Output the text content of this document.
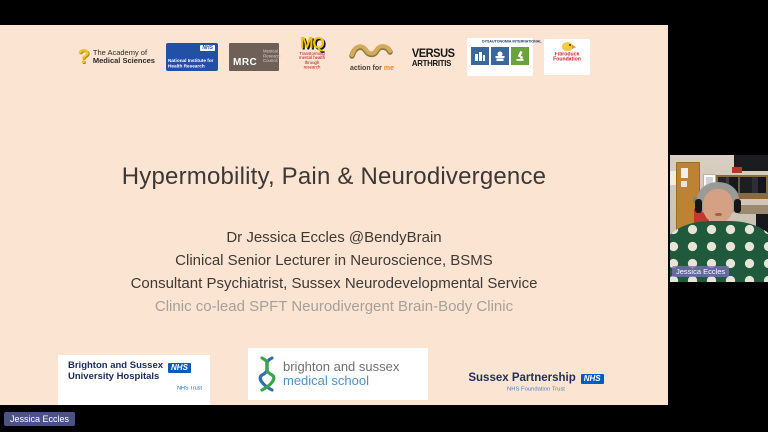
? The Academy of
Medical Sciences
NHS
National Institute for Health Research	MRC
Medical Research Council
MQ
Transforming mental health through research	action for me
VERSUS
ARTHRITIS
DYSAUTONOMIA INTERNATIONAL
Fibroduck
Foundation
Hypermobility, Pain & Neurodivergence
Dr Jessica Eccles @BendyBrain
Clinical Senior Lecturer in Neuroscience, BSMS
Consultant Psychiatrist, Sussex Neurodevelopmental Service
Clinic co-lead SPFT Neurodivergent Brain-Body Clinic
Brighton and Sussex
University Hospitals
NHS
NHS Trust
brighton and sussex
medical school	Sussex Partnership	NHS
NHS Foundation Trust
Jessica Eccles
Jessica Eccles
